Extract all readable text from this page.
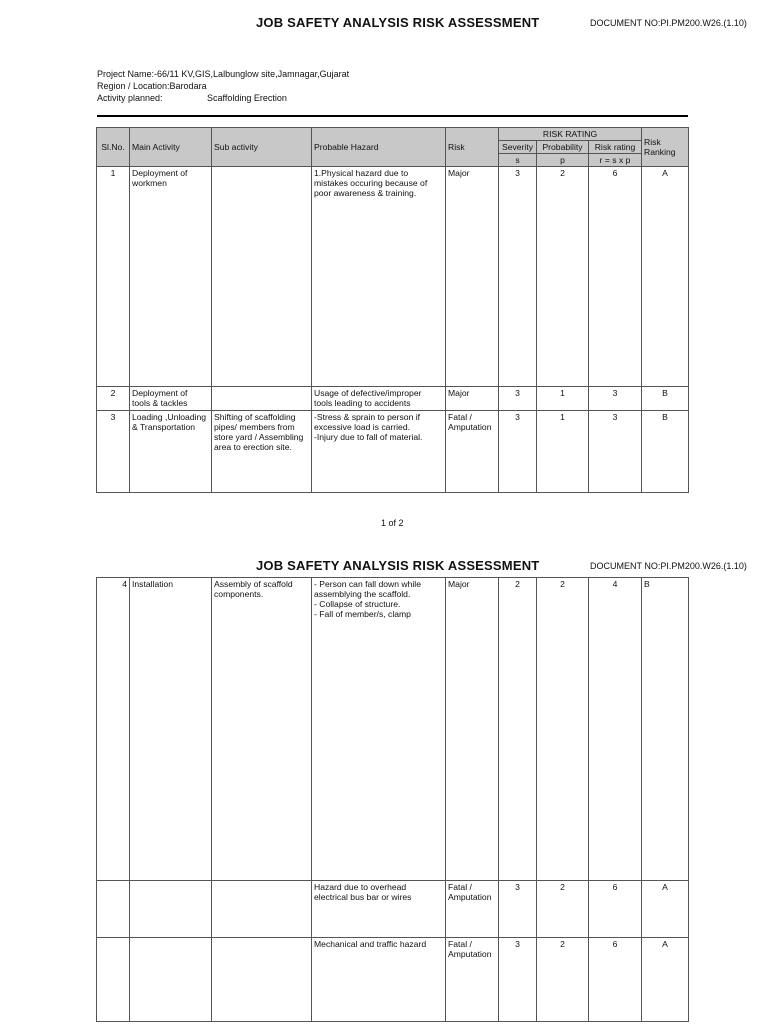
JOB SAFETY ANALYSIS RISK ASSESSMENT	DOCUMENT NO:PI.PM200.W26.(1.10)
Project Name:-66/11 KV,GIS,Lalbunglow site,Jamnagar,Gujarat
Region / Location:Barodara
Activity planned:	Scaffolding Erection
Sl.No.	Main Activity	Sub activity	Probable Hazard	Risk	RISK RATING			Risk
Ranking
					Severity	Probability	Risk rating	
					s	p	r = s x p	
1	Deployment of
workmen		1.Physical hazard due to
mistakes occuring because of
poor awareness & training.	Major	3	2	6	A
2	Deployment of
tools & tackles		Usage of defective/improper
tools leading to accidents	Major	3	1	3	B
3	Loading ,Unloading
& Transportation	Shifting of scaffolding
pipes/ members from
store yard / Assembling
area to erection site.	-Stress & sprain to person if
excessive load is carried.
-Injury due to fall of material.	Fatal /
Amputation	3	1	3	B
1 of 2
JOB SAFETY ANALYSIS RISK ASSESSMENT	DOCUMENT NO:PI.PM200.W26.(1.10)
4	Installation	Assembly of scaffold
components.	- Person can fall down while
assemblying the scaffold.
- Collapse of structure.
- Fall of member/s, clamp	Major	2	2	4	B
			Hazard due to overhead
electrical bus bar or wires	Fatal /
Amputation	3	2	6	A
			Mechanical and traffic hazard	Fatal /
Amputation	3	2	6	A
